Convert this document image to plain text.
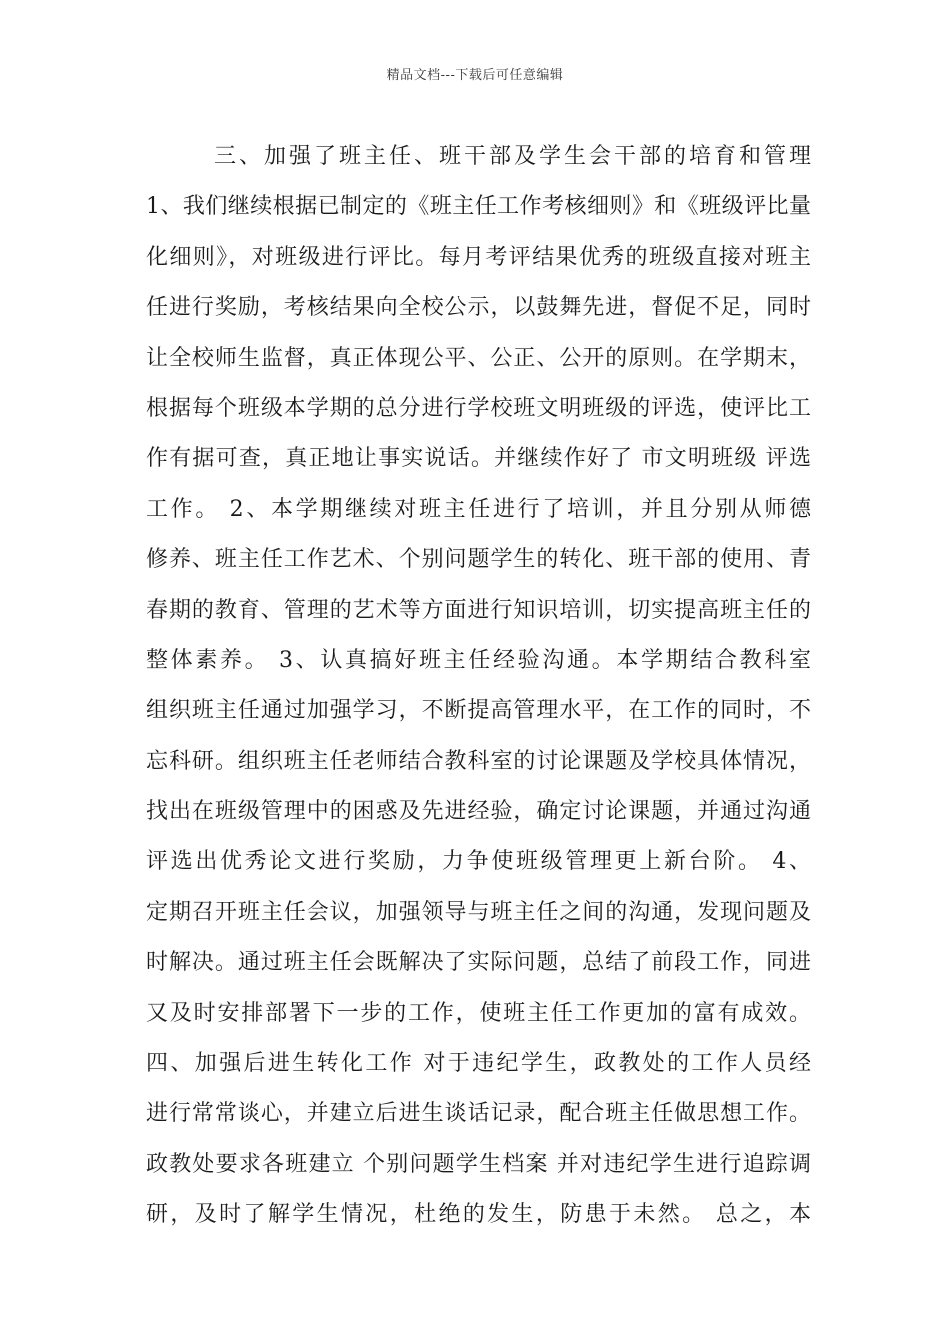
精品文档---下载后可任意编辑
三、加强了班主任、班干部及学生会干部的培育和管理
1、我们继续根据已制定的《班主任工作考核细则》和《班级评比量
化细则》，对班级进行评比。每月考评结果优秀的班级直接对班主
任进行奖励，考核结果向全校公示，以鼓舞先进，督促不足，同时
让全校师生监督，真正体现公平、公正、公开的原则。在学期末，
根据每个班级本学期的总分进行学校班文明班级的评选，使评比工
作有据可查，真正地让事实说话。并继续作好了 市文明班级 评选
工作。 2、本学期继续对班主任进行了培训，并且分别从师德
修养、班主任工作艺术、个别问题学生的转化、班干部的使用、青
春期的教育、管理的艺术等方面进行知识培训，切实提高班主任的
整体素养。 3、认真搞好班主任经验沟通。本学期结合教科室
组织班主任通过加强学习，不断提高管理水平，在工作的同时，不
忘科研。组织班主任老师结合教科室的讨论课题及学校具体情况，
找出在班级管理中的困惑及先进经验，确定讨论课题，并通过沟通
评选出优秀论文进行奖励，力争使班级管理更上新台阶。 4、
定期召开班主任会议，加强领导与班主任之间的沟通，发现问题及
时解决。通过班主任会既解决了实际问题，总结了前段工作，同进
又及时安排部署下一步的工作，使班主任工作更加的富有成效。
四、加强后进生转化工作 对于违纪学生，政教处的工作人员经
进行常常谈心，并建立后进生谈话记录，配合班主任做思想工作。
政教处要求各班建立 个别问题学生档案 并对违纪学生进行追踪调
研，及时了解学生情况，杜绝的发生，防患于未然。 总之，本
